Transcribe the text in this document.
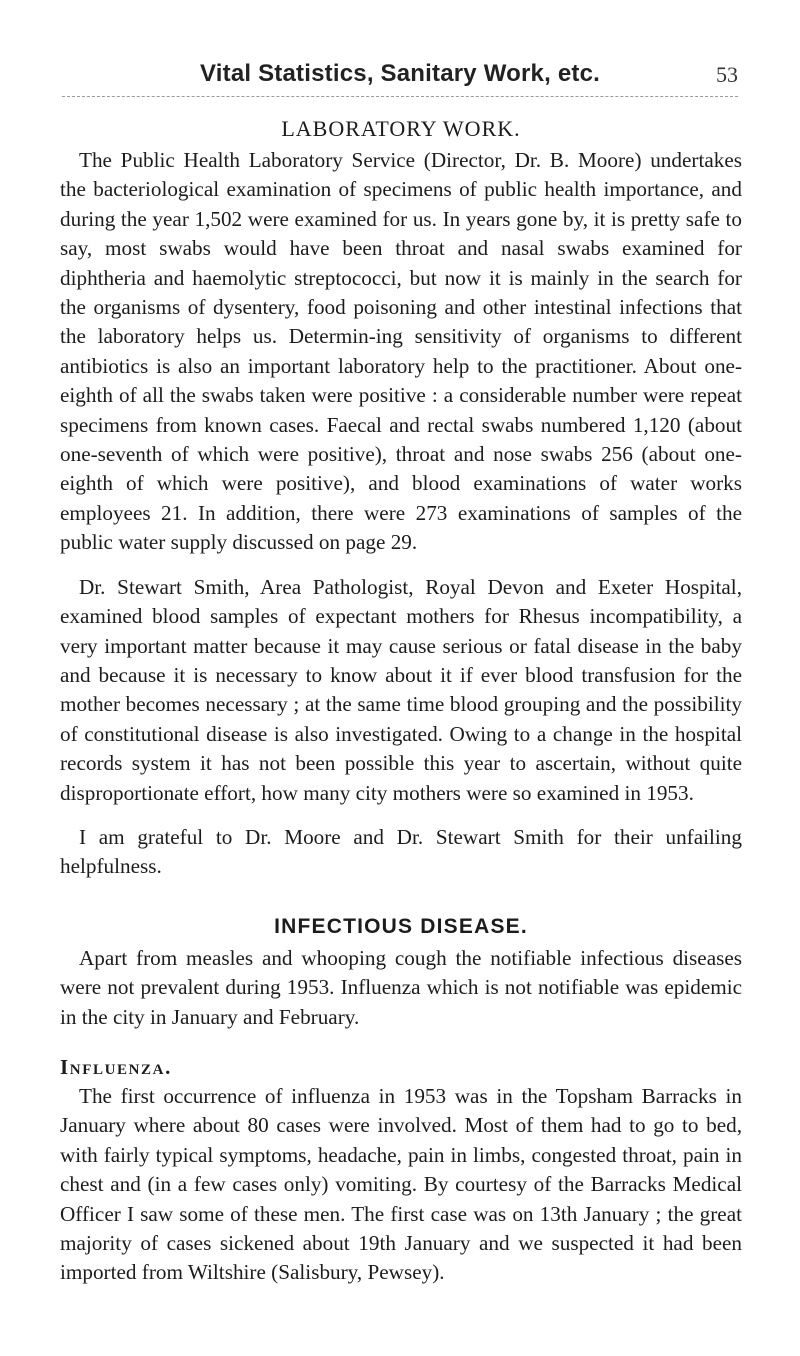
Vital Statistics, Sanitary Work, etc.	53
LABORATORY WORK.

The Public Health Laboratory Service (Director, Dr. B. Moore) undertakes the bacteriological examination of specimens of public health importance, and during the year 1,502 were examined for us. In years gone by, it is pretty safe to say, most swabs would have been throat and nasal swabs examined for diphtheria and haemolytic streptococci, but now it is mainly in the search for the organisms of dysentery, food poisoning and other intestinal infections that the laboratory helps us. Determin-ing sensitivity of organisms to different antibiotics is also an important laboratory help to the practitioner. About one-eighth of all the swabs taken were positive : a considerable number were repeat specimens from known cases. Faecal and rectal swabs numbered 1,120 (about one-seventh of which were positive), throat and nose swabs 256 (about one-eighth of which were positive), and blood examinations of water works employees 21. In addition, there were 273 examinations of samples of the public water supply discussed on page 29.

Dr. Stewart Smith, Area Pathologist, Royal Devon and Exeter Hospital, examined blood samples of expectant mothers for Rhesus incompatibility, a very important matter because it may cause serious or fatal disease in the baby and because it is necessary to know about it if ever blood transfusion for the mother becomes necessary ; at the same time blood grouping and the possibility of constitutional disease is also investigated. Owing to a change in the hospital records system it has not been possible this year to ascertain, without quite disproportionate effort, how many city mothers were so examined in 1953.

I am grateful to Dr. Moore and Dr. Stewart Smith for their unfailing helpfulness.

INFECTIOUS DISEASE.

Apart from measles and whooping cough the notifiable infectious diseases were not prevalent during 1953. Influenza which is not notifiable was epidemic in the city in January and February.

Influenza.

The first occurrence of influenza in 1953 was in the Topsham Barracks in January where about 80 cases were involved. Most of them had to go to bed, with fairly typical symptoms, headache, pain in limbs, congested throat, pain in chest and (in a few cases only) vomiting. By courtesy of the Barracks Medical Officer I saw some of these men. The first case was on 13th January ; the great majority of cases sickened about 19th January and we suspected it had been imported from Wiltshire (Salisbury, Pewsey).
